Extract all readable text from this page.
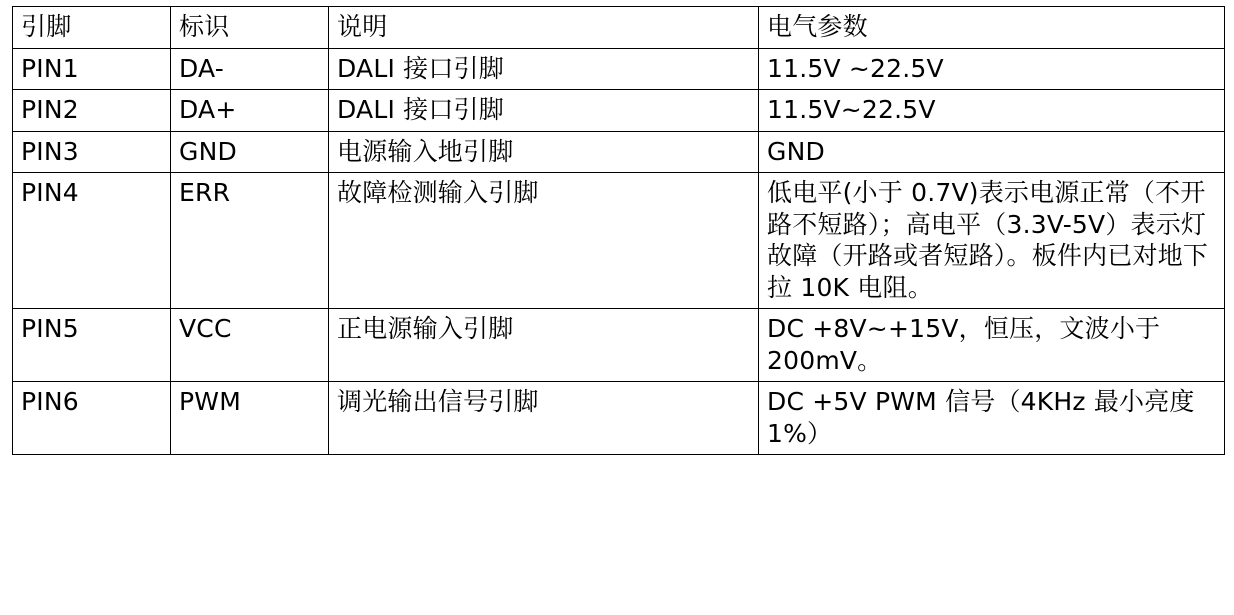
引脚	标识	说明	电气参数
PIN1	DA-	DALI 接口引脚	11.5V ~22.5V
PIN2	DA+	DALI 接口引脚	11.5V~22.5V
PIN3	GND	电源输入地引脚	GND
PIN4	ERR	故障检测输入引脚	低电平(小于 0.7V)表示电源正常（不开路不短路）；高电平（3.3V-5V）表示灯故障（开路或者短路）。板件内已对地下拉 10K 电阻。
PIN5	VCC	正电源输入引脚	DC +8V~+15V，恒压，文波小于 200mV。
PIN6	PWM	调光输出信号引脚	DC +5V PWM 信号（4KHz 最小亮度 1%）
